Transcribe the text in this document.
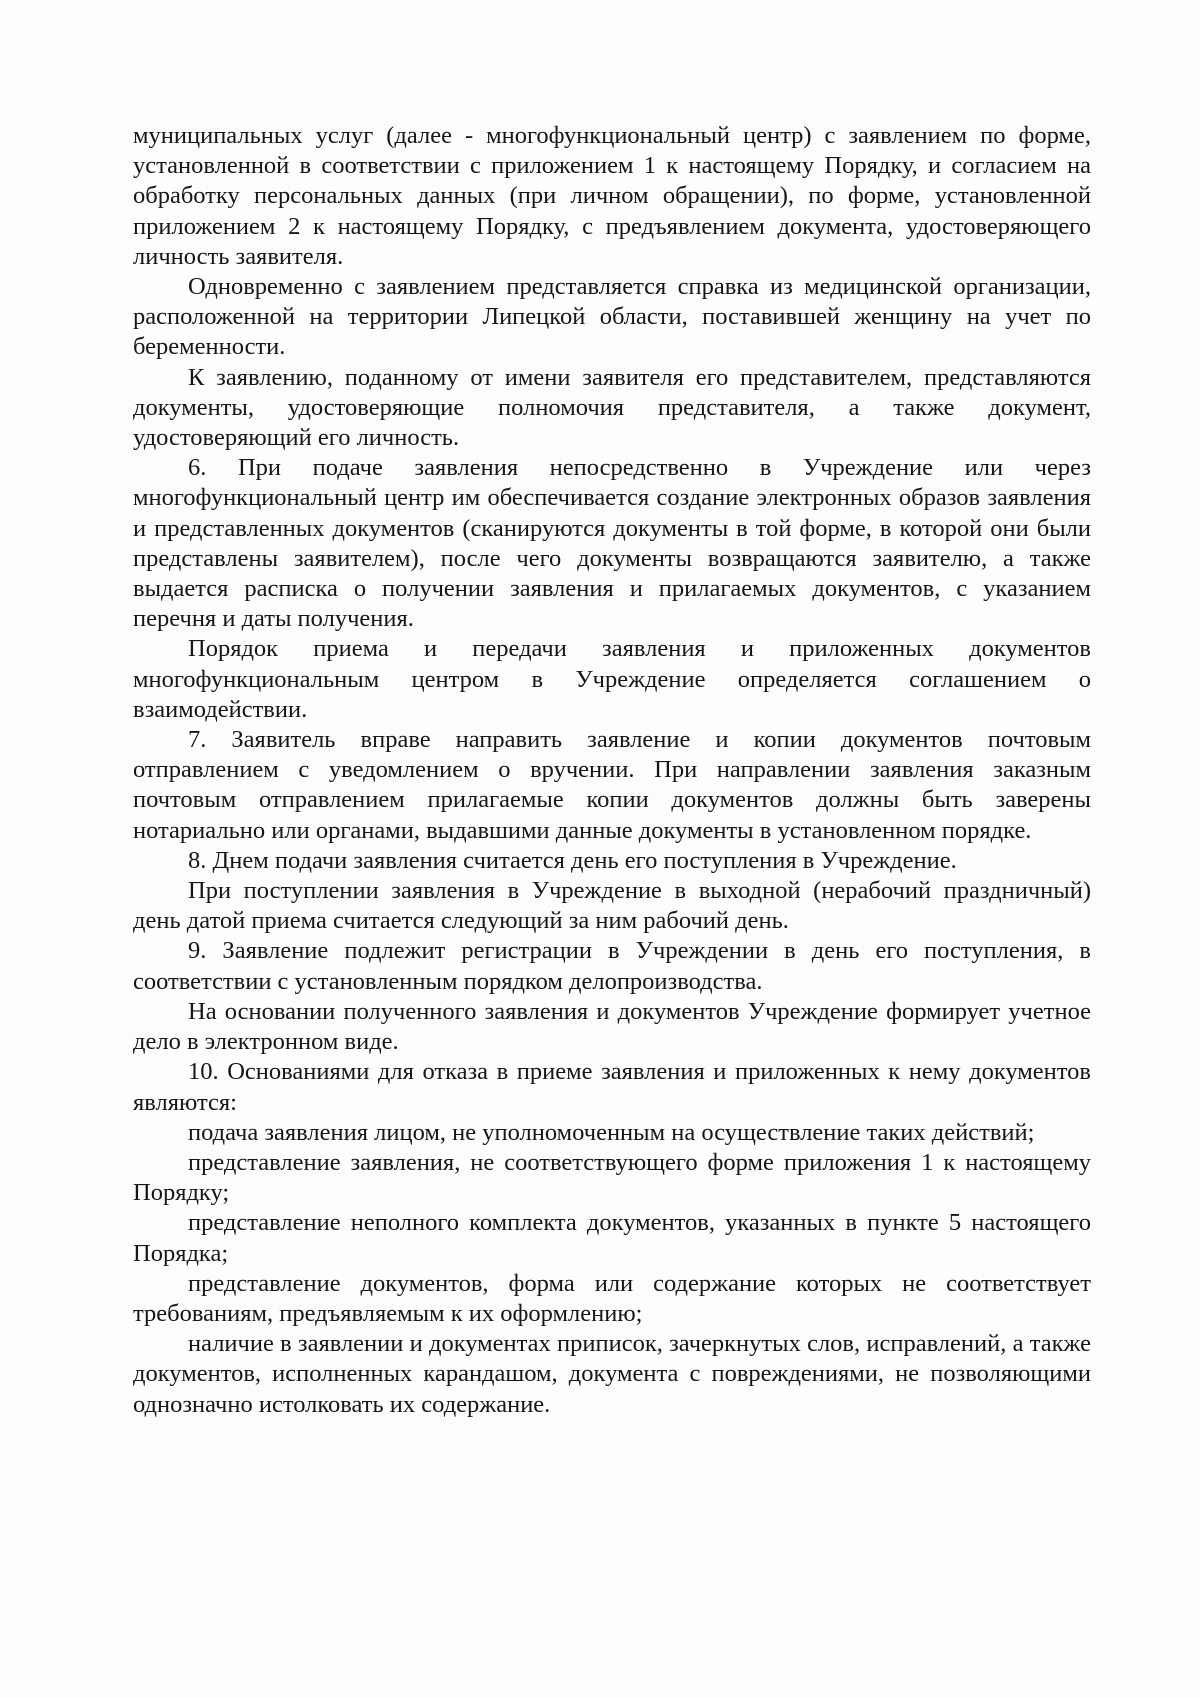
муниципальных услуг (далее - многофункциональный центр) с заявлением по форме, установленной в соответствии с приложением 1 к настоящему Порядку, и согласием на обработку персональных данных (при личном обращении), по форме, установленной приложением 2 к настоящему Порядку, с предъявлением документа, удостоверяющего личность заявителя.

Одновременно с заявлением представляется справка из медицинской организации, расположенной на территории Липецкой области, поставившей женщину на учет по беременности.

К заявлению, поданному от имени заявителя его представителем, представляются документы, удостоверяющие полномочия представителя, а также документ, удостоверяющий его личность.

6. При подаче заявления непосредственно в Учреждение или через многофункциональный центр им обеспечивается создание электронных образов заявления и представленных документов (сканируются документы в той форме, в которой они были представлены заявителем), после чего документы возвращаются заявителю, а также выдается расписка о получении заявления и прилагаемых документов, с указанием перечня и даты получения.

Порядок приема и передачи заявления и приложенных документов многофункциональным центром в Учреждение определяется соглашением о взаимодействии.

7. Заявитель вправе направить заявление и копии документов почтовым отправлением с уведомлением о вручении. При направлении заявления заказным почтовым отправлением прилагаемые копии документов должны быть заверены нотариально или органами, выдавшими данные документы в установленном порядке.

8. Днем подачи заявления считается день его поступления в Учреждение.

При поступлении заявления в Учреждение в выходной (нерабочий праздничный) день датой приема считается следующий за ним рабочий день.

9. Заявление подлежит регистрации в Учреждении в день его поступления, в соответствии с установленным порядком делопроизводства.

На основании полученного заявления и документов Учреждение формирует учетное дело в электронном виде.

10. Основаниями для отказа в приеме заявления и приложенных к нему документов являются:

подача заявления лицом, не уполномоченным на осуществление таких действий;

представление заявления, не соответствующего форме приложения 1 к настоящему Порядку;

представление неполного комплекта документов, указанных в пункте 5 настоящего Порядка;

представление документов, форма или содержание которых не соответствует требованиям, предъявляемым к их оформлению;

наличие в заявлении и документах приписок, зачеркнутых слов, исправлений, а также документов, исполненных карандашом, документа с повреждениями, не позволяющими однозначно истолковать их содержание.
